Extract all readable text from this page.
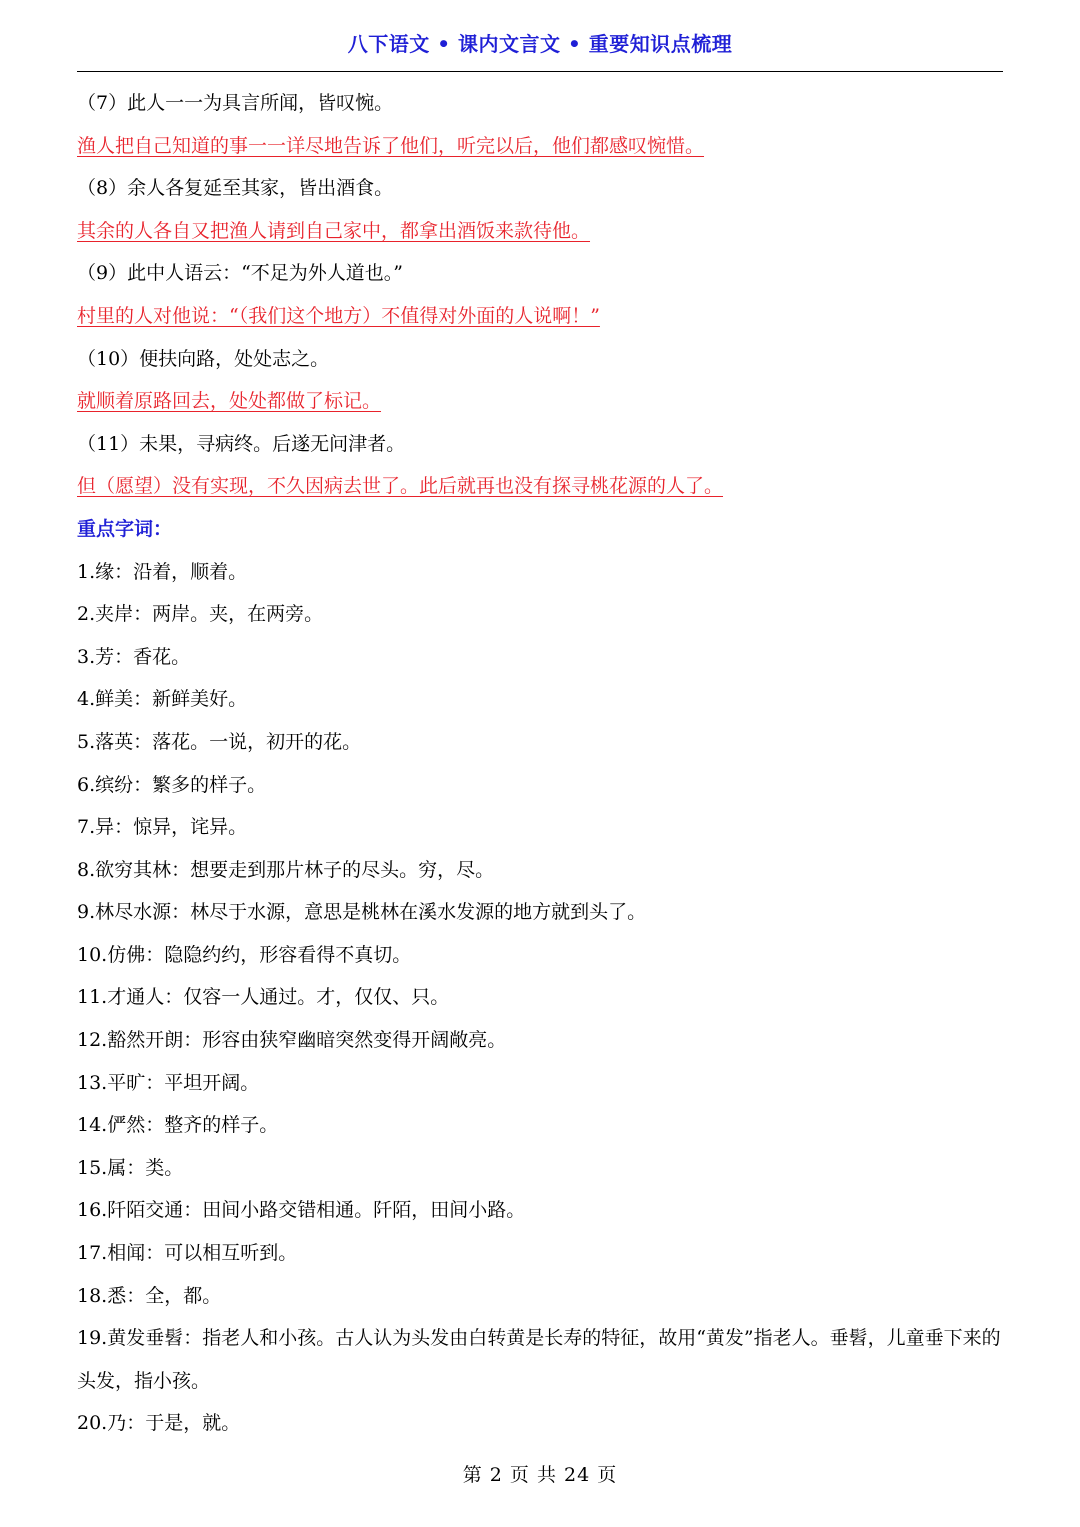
八下语文 • 课内文言文 • 重要知识点梳理
（7）此人一一为具言所闻，皆叹惋。
渔人把自己知道的事一一详尽地告诉了他们，听完以后，他们都感叹惋惜。
（8）余人各复延至其家，皆出酒食。
其余的人各自又把渔人请到自己家中，都拿出酒饭来款待他。
（9）此中人语云：“不足为外人道也。”
村里的人对他说：“（我们这个地方）不值得对外面的人说啊！”
（10）便扶向路，处处志之。
就顺着原路回去，处处都做了标记。
（11）未果，寻病终。后遂无问津者。
但（愿望）没有实现，不久因病去世了。此后就再也没有探寻桃花源的人了。
重点字词：
1.缘：沿着，顺着。
2.夹岸：两岸。夹，在两旁。
3.芳：香花。
4.鲜美：新鲜美好。
5.落英：落花。一说，初开的花。
6.缤纷：繁多的样子。
7.异：惊异，诧异。
8.欲穷其林：想要走到那片林子的尽头。穷，尽。
9.林尽水源：林尽于水源，意思是桃林在溪水发源的地方就到头了。
10.仿佛：隐隐约约，形容看得不真切。
11.才通人：仅容一人通过。才，仅仅、只。
12.豁然开朗：形容由狭窄幽暗突然变得开阔敞亮。
13.平旷：平坦开阔。
14.俨然：整齐的样子。
15.属：类。
16.阡陌交通：田间小路交错相通。阡陌，田间小路。
17.相闻：可以相互听到。
18.悉：全，都。
19.黄发垂髫：指老人和小孩。古人认为头发由白转黄是长寿的特征，故用“黄发”指老人。垂髫，儿童垂下来的头发，指小孩。
20.乃：于是，就。
第 2 页 共 24 页
